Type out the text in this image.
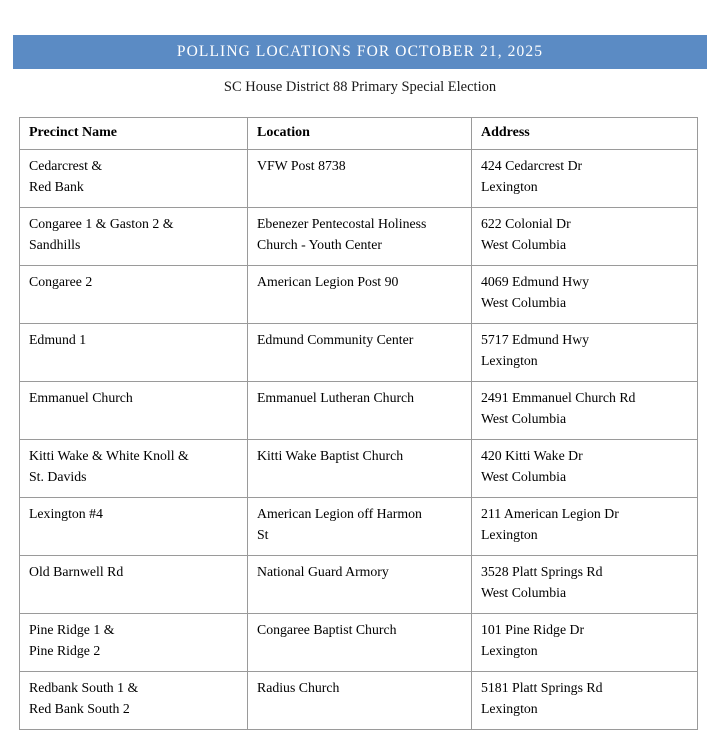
POLLING LOCATIONS FOR OCTOBER 21, 2025
SC House District 88 Primary Special Election
Precinct Name	Location	Address

Cedarcrest &
Red Bank	VFW Post 8738	424 Cedarcrest Dr
Lexington

Congaree 1 & Gaston 2 &
Sandhills	Ebenezer Pentecostal Holiness
Church - Youth Center	622 Colonial Dr
West Columbia

Congaree 2	American Legion Post 90	4069 Edmund Hwy
West Columbia

Edmund 1	Edmund Community Center	5717 Edmund Hwy
Lexington

Emmanuel Church	Emmanuel Lutheran Church	2491 Emmanuel Church Rd
West Columbia

Kitti Wake & White Knoll &
St. Davids	Kitti Wake Baptist Church	420 Kitti Wake Dr
West Columbia

Lexington #4	American Legion off Harmon
St	211 American Legion Dr
Lexington

Old Barnwell Rd	National Guard Armory	3528 Platt Springs Rd
West Columbia

Pine Ridge 1 &
Pine Ridge 2	Congaree Baptist Church	101 Pine Ridge Dr
Lexington

Redbank South 1 &
Red Bank South 2	Radius Church	5181 Platt Springs Rd
Lexington
